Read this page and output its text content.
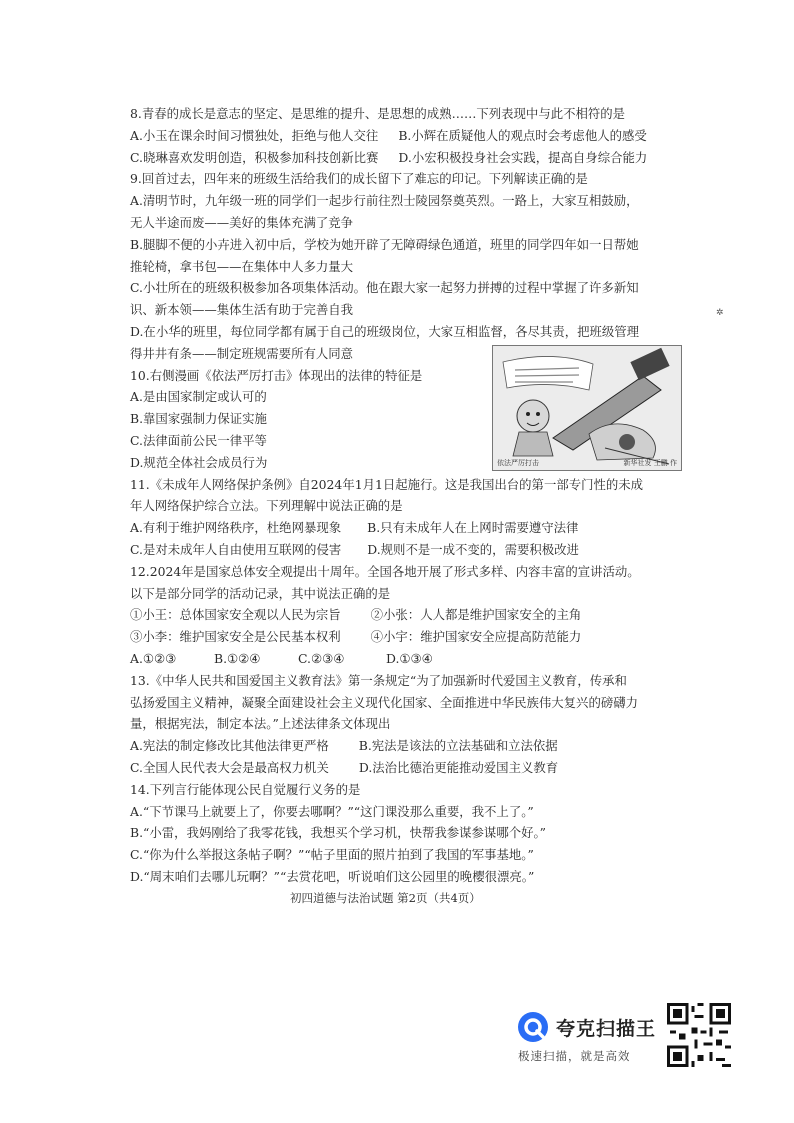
8.青春的成长是意志的坚定、是思维的提升、是思想的成熟……下列表现中与此不相符的是
A.小玉在课余时间习惯独处，拒绝与他人交往 B.小辉在质疑他人的观点时会考虑他人的感受
C.晓琳喜欢发明创造，积极参加科技创新比赛 D.小宏积极投身社会实践，提高自身综合能力
9.回首过去，四年来的班级生活给我们的成长留下了难忘的印记。下列解读正确的是
A.清明节时，九年级一班的同学们一起步行前往烈士陵园祭奠英烈。一路上，大家互相鼓励，
无人半途而废——美好的集体充满了竞争
B.腿脚不便的小卉进入初中后，学校为她开辟了无障碍绿色通道，班里的同学四年如一日帮她
推轮椅，拿书包——在集体中人多力量大
C.小壮所在的班级积极参加各项集体活动。他在跟大家一起努力拼搏的过程中掌握了许多新知
识、新本领——集体生活有助于完善自我
D.在小华的班里，每位同学都有属于自己的班级岗位，大家互相监督，各尽其责，把班级管理
得井井有条——制定班规需要所有人同意
10.右侧漫画《依法严厉打击》体现出的法律的特征是
A.是由国家制定或认可的
B.靠国家强制力保证实施
C.法律面前公民一律平等
D.规范全体社会成员行为
11.《未成年人网络保护条例》自2024年1月1日起施行。这是我国出台的第一部专门性的未成
年人网络保护综合立法。下列理解中说法正确的是
A.有利于维护网络秩序，杜绝网暴现象 B.只有未成年人在上网时需要遵守法律
C.是对未成年人自由使用互联网的侵害 D.规则不是一成不变的，需要积极改进
12.2024年是国家总体安全观提出十周年。全国各地开展了形式多样、内容丰富的宣讲活动。
以下是部分同学的活动记录，其中说法正确的是
①小王：总体国家安全观以人民为宗旨 ②小张：人人都是维护国家安全的主角
③小李：维护国家安全是公民基本权利 ④小宇：维护国家安全应提高防范能力
A.①②③	B.①②④	C.②③④	D.①③④
13.《中华人民共和国爱国主义教育法》第一条规定“为了加强新时代爱国主义教育，传承和
弘扬爱国主义精神，凝聚全面建设社会主义现代化国家、全面推进中华民族伟大复兴的磅礴力
量，根据宪法，制定本法。”上述法律条文体现出
A.宪法的制定修改比其他法律更严格 B.宪法是该法的立法基础和立法依据
C.全国人民代表大会是最高权力机关 D.法治比德治更能推动爱国主义教育
14.下列言行能体现公民自觉履行义务的是
A.“下节课马上就要上了，你要去哪啊？”“这门课没那么重要，我不上了。”
B.“小雷，我妈刚给了我零花钱，我想买个学习机，快帮我参谋参谋哪个好。”
C.“你为什么举报这条帖子啊？”“帖子里面的照片拍到了我国的军事基地。”
D.“周末咱们去哪儿玩啊？”“去赏花吧，听说咱们这公园里的晚樱很漂亮。”
初四道德与法治试题 第2页（共4页）
✲
依法严厉打击	新华社发 王鹏 作
夸克扫描王
极速扫描，就是高效
